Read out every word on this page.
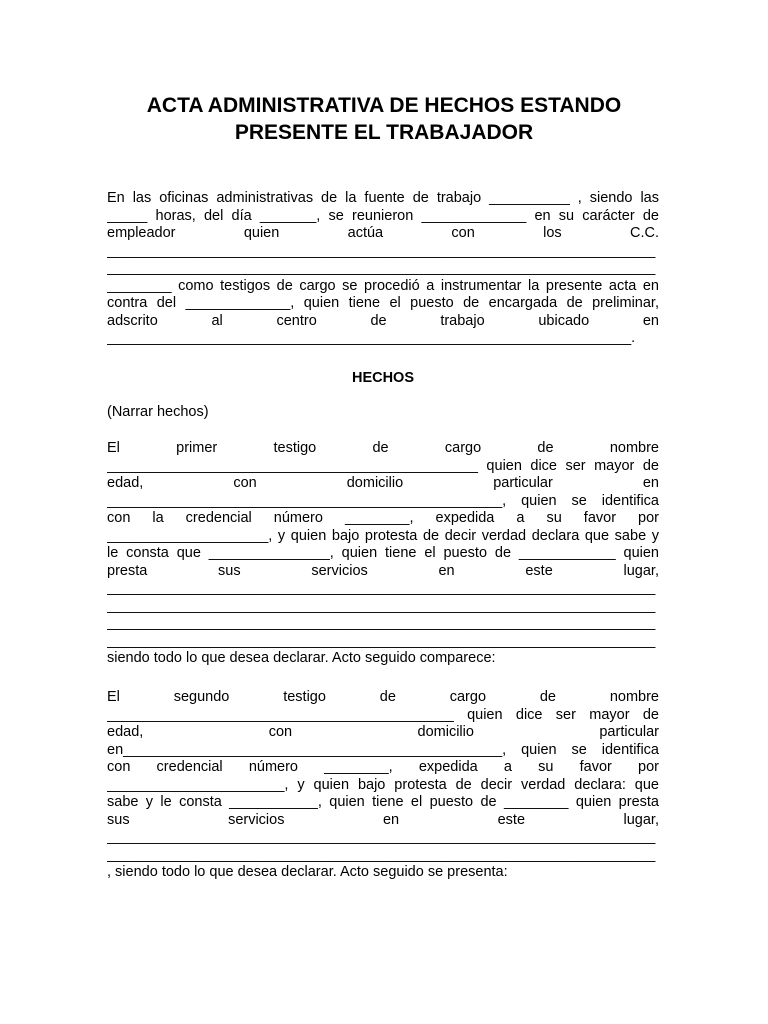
ACTA ADMINISTRATIVA DE HECHOS ESTANDO
PRESENTE EL TRABAJADOR
En las oficinas administrativas de la fuente de trabajo __________ , siendo las
_____ horas, del día _______, se reunieron _____________ en su carácter de
empleador quien actúa con los C.C.
____________________________________________________________________
____________________________________________________________________
________ como testigos de cargo se procedió a instrumentar la presente acta en
contra del _____________, quien tiene el puesto de encargada de preliminar,
adscrito al centro de trabajo ubicado en
_________________________________________________________________.
HECHOS
(Narrar hechos)
El primer testigo de cargo de nombre
______________________________________________ quien dice ser mayor de
edad, con domicilio particular en
_________________________________________________, quien se identifica
con la credencial número ________, expedida a su favor por
____________________, y quien bajo protesta de decir verdad declara que sabe y
le consta que _______________, quien tiene el puesto de ____________ quien
presta sus servicios en este lugar,
____________________________________________________________________
____________________________________________________________________
____________________________________________________________________
____________________________________________________________________
siendo todo lo que desea declarar. Acto seguido comparece:
El segundo testigo de cargo de nombre
___________________________________________ quien dice ser mayor de
edad, con domicilio particular
en_______________________________________________, quien se identifica
con credencial número ________, expedida a su favor por
______________________, y quien bajo protesta de decir verdad declara: que
sabe y le consta ___________, quien tiene el puesto de ________ quien presta
sus servicios en este lugar,
____________________________________________________________________
____________________________________________________________________
, siendo todo lo que desea declarar. Acto seguido se presenta:
